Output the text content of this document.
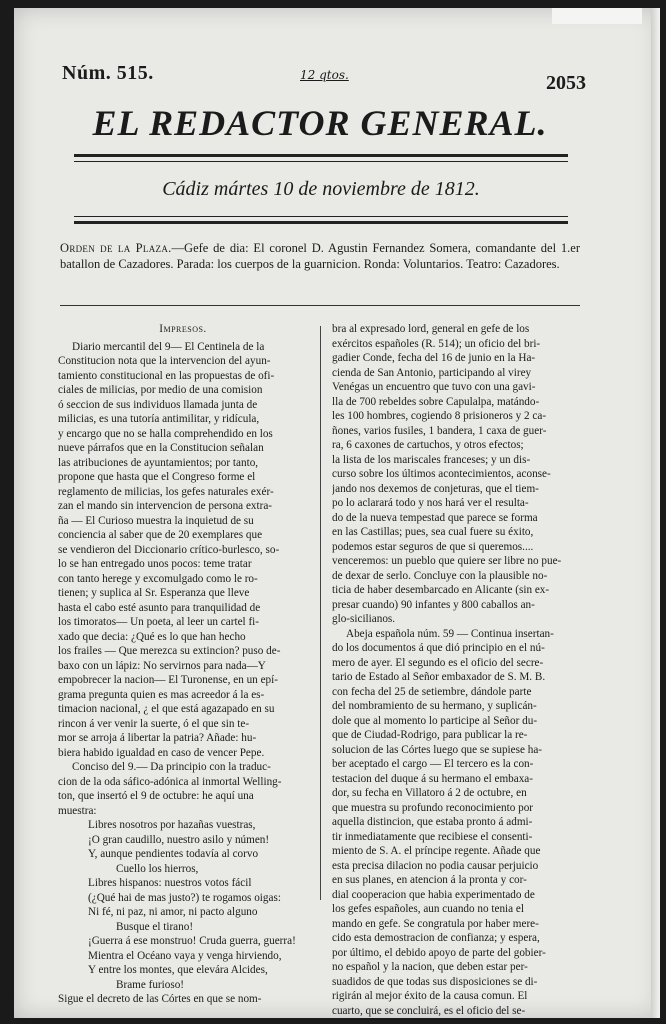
Núm. 515.	12 qtos.	2053
EL REDACTOR GENERAL.
Cádiz mártes 10 de noviembre de 1812.
Orden de la Plaza.—Gefe de dia: El coronel D. Agustin Fernandez Somera, comandante del 1.er batallon de Cazadores. Parada: los cuerpos de la guarnicion. Ronda: Voluntarios. Teatro: Cazadores.
Impresos.
Diario mercantil del 9— El Centinela de la
Constitucion nota que la intervencion del ayun-
tamiento constitucional en las propuestas de ofi-
ciales de milicias, por medio de una comision
ó seccion de sus individuos llamada junta de
milicias, es una tutoría antimilitar, y ridícula,
y encargo que no se halla comprehendido en los
nueve párrafos que en la Constitucion señalan
las atribuciones de ayuntamientos; por tanto,
propone que hasta que el Congreso forme el
reglamento de milicias, los gefes naturales exér-
zan el mando sin intervencion de persona extra-
ña — El Curioso muestra la inquietud de su
conciencia al saber que de 20 exemplares que
se vendieron del Diccionario crítico-burlesco, so-
lo se han entregado unos pocos: teme tratar
con tanto herege y excomulgado como le ro-
tienen; y suplica al Sr. Esperanza que lleve
hasta el cabo esté asunto para tranquilidad de
los timoratos— Un poeta, al leer un cartel fi-
xado que decia: ¿Qué es lo que han hecho
los frailes — Que merezca su extincion? puso de-
baxo con un lápiz: No servirnos para nada—Y
empobrecer la nacion— El Turonense, en un epí-
grama pregunta quien es mas acreedor á la es-
timacion nacional, ¿ el que está agazapado en su
rincon á ver venir la suerte, ó el que sin te-
mor se arroja á libertar la patria? Añade: hu-
biera habido igualdad en caso de vencer Pepe.
Conciso del 9.— Da principio con la traduc-
cion de la oda sáfico-adónica al inmortal Welling-
ton, que insertó el 9 de octubre: he aquí una
muestra:
Libres nosotros por hazañas vuestras,
¡O gran caudillo, nuestro asilo y númen!
Y, aunque pendientes todavía al corvo
Cuello los hierros,
Libres hispanos: nuestros votos fácil
(¿Qué hai de mas justo?) te rogamos oigas:
Ni fé, ni paz, ni amor, ni pacto alguno
Busque el tirano!
¡Guerra á ese monstruo! Cruda guerra, guerra!
Mientra el Océano vaya y venga hirviendo,
Y entre los montes, que elevára Alcides,
Brame furioso!
Sigue el decreto de las Córtes en que se nom-
bra al expresado lord, general en gefe de los
exércitos españoles (R. 514); un oficio del bri-
gadier Conde, fecha del 16 de junio en la Ha-
cienda de San Antonio, participando al virey
Venégas un encuentro que tuvo con una gavi-
lla de 700 rebeldes sobre Capulalpa, matándo-
les 100 hombres, cogiendo 8 prisioneros y 2 ca-
ñones, varios fusiles, 1 bandera, 1 caxa de guer-
ra, 6 caxones de cartuchos, y otros efectos;
la lista de los mariscales franceses; y un dis-
curso sobre los últimos acontecimientos, aconse-
jando nos dexemos de conjeturas, que el tiem-
po lo aclarará todo y nos hará ver el resulta-
do de la nueva tempestad que parece se forma
en las Castillas; pues, sea cual fuere su éxito,
podemos estar seguros de que si queremos....
venceremos: un pueblo que quiere ser libre no pue-
de dexar de serlo. Concluye con la plausible no-
ticia de haber desembarcado en Alicante (sin ex-
presar cuando) 90 infantes y 800 caballos an-
glo-sicilianos.
Abeja española núm. 59 — Continua insertan-
do los documentos á que dió principio en el nú-
mero de ayer. El segundo es el oficio del secre-
tario de Estado al Señor embaxador de S. M. B.
con fecha del 25 de setiembre, dándole parte
del nombramiento de su hermano, y suplicán-
dole que al momento lo participe al Señor du-
que de Ciudad-Rodrigo, para publicar la re-
solucion de las Córtes luego que se supiese ha-
ber aceptado el cargo — El tercero es la con-
testacion del duque á su hermano el embaxa-
dor, su fecha en Villatoro á 2 de octubre, en
que muestra su profundo reconocimiento por
aquella distincion, que estaba pronto á admi-
tir inmediatamente que recibiese el consenti-
miento de S. A. el príncipe regente. Añade que
esta precisa dilacion no podia causar perjuicio
en sus planes, en atencion á la pronta y cor-
dial cooperacion que habia experimentado de
los gefes españoles, aun cuando no tenia el
mando en gefe. Se congratula por haber mere-
cido esta demostracion de confianza; y espera,
por último, el debido apoyo de parte del gobier-
no español y la nacion, que deben estar per-
suadidos de que todas sus disposiciones se di-
rigirán al mejor éxito de la causa comun. El
cuarto, que se concluirá, es el oficio del se-
